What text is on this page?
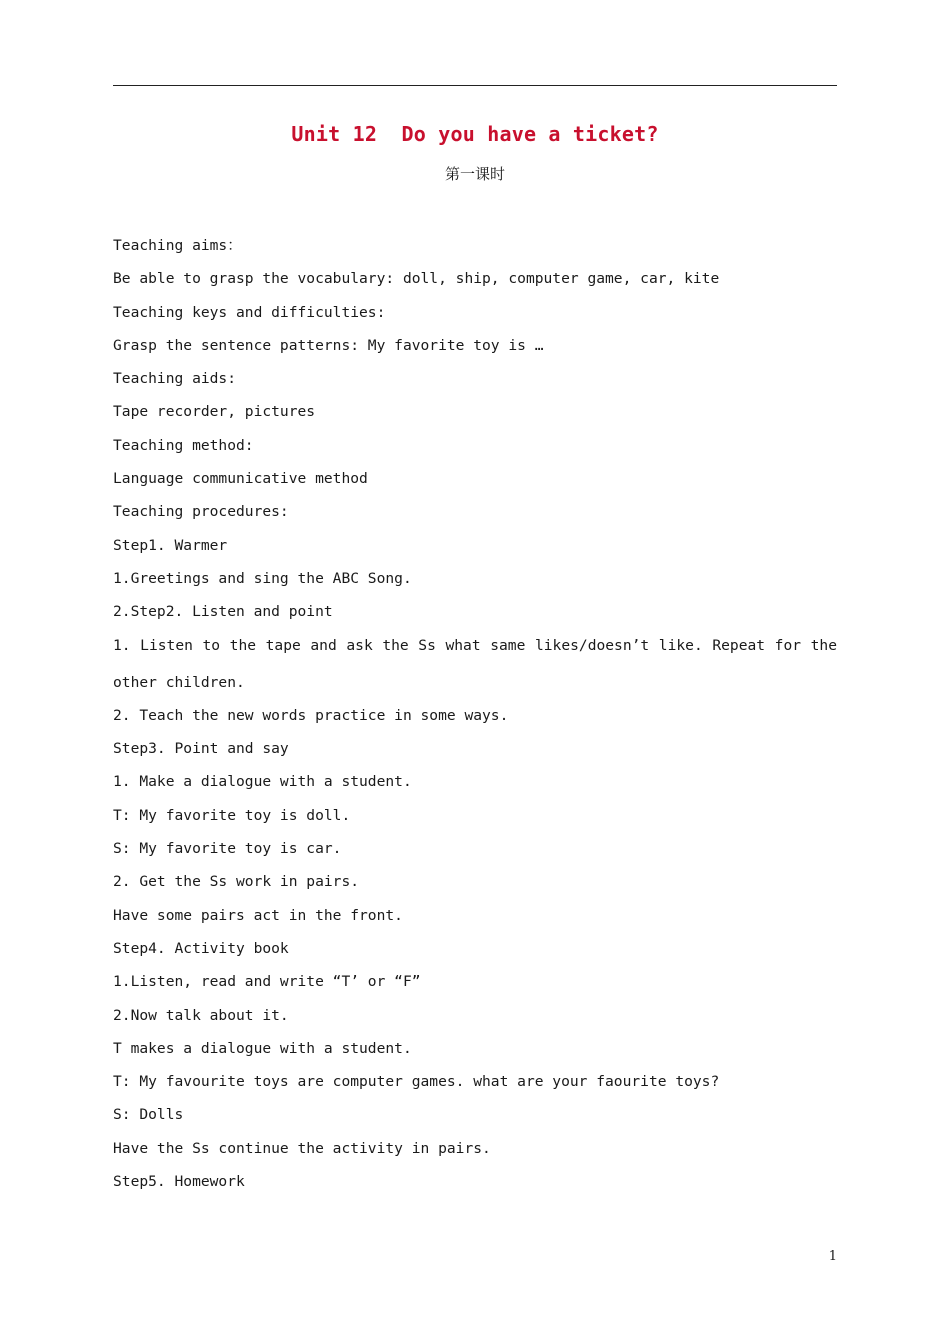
Unit 12  Do you have a ticket?
第一课时
Teaching aims：
Be able to grasp the vocabulary: doll, ship, computer game, car, kite
Teaching keys and difficulties:
Grasp the sentence patterns: My favorite toy is …
Teaching aids:
Tape recorder, pictures
Teaching method:
Language communicative method
Teaching procedures:
Step1. Warmer
1.Greetings and sing the ABC Song.
2.Step2. Listen and point
1. Listen to the tape and ask the Ss what same likes/doesn’t like. Repeat for the
other children.
2. Teach the new words practice in some ways.
Step3. Point and say
1. Make a dialogue with a student.
T: My favorite toy is doll.
S: My favorite toy is car.
2. Get the Ss work in pairs.
Have some pairs act in the front.
Step4. Activity book
1.Listen, read and write “T’ or “F”
2.Now talk about it.
T makes a dialogue with a student.
T: My favourite toys are computer games. what are your faourite toys?
S: Dolls
Have the Ss continue the activity in pairs.
Step5. Homework
1
